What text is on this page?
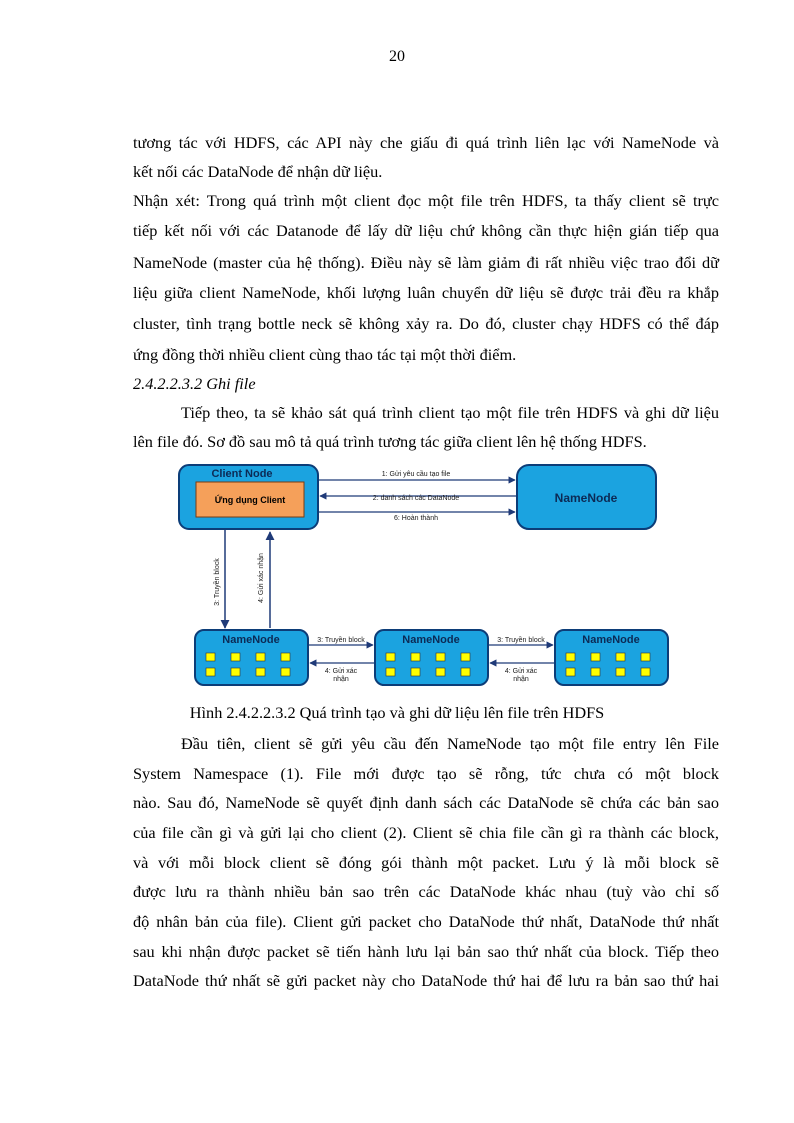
20
tương tác với HDFS, các API này che giấu đi quá trình liên lạc với NameNode và
kết nối các DataNode để nhận dữ liệu.
Nhận xét: Trong quá trình một client đọc một file trên HDFS, ta thấy client sẽ trực
tiếp kết nối với các Datanode để lấy dữ liệu chứ không cần thực hiện gián tiếp qua
NameNode (master của hệ thống). Điều này sẽ làm giảm đi rất nhiều việc trao đổi dữ
liệu giữa client NameNode, khối lượng luân chuyển dữ liệu sẽ được trải đều ra khắp
cluster, tình trạng bottle neck sẽ không xảy ra. Do đó, cluster chạy HDFS có thể đáp
ứng đồng thời nhiều client cùng thao tác tại một thời điểm.
2.4.2.2.3.2 Ghi file
Tiếp theo, ta sẽ khảo sát quá trình client tạo một file trên HDFS và ghi dữ liệu
lên file đó. Sơ đồ sau mô tả quá trình tương tác giữa client lên hệ thống HDFS.
Client Node
Ứng dụng Client	NameNode
1: Gửi yêu cầu tạo file
2: danh sách các DataNode
6: Hoàn thành
3: Truyền block	4: Gửi xác nhận
NameNode	NameNode	NameNode
3: Truyền block
4: Gửi xác
nhận
3: Truyền block
4: Gửi xác
nhận
Hình 2.4.2.2.3.2 Quá trình tạo và ghi dữ liệu lên file trên HDFS
Đầu tiên, client sẽ gửi yêu cầu đến NameNode tạo một file entry lên File
System Namespace (1). File mới được tạo sẽ rỗng, tức chưa có một block
nào. Sau đó, NameNode sẽ quyết định danh sách các DataNode sẽ chứa các bản sao
của file cần gì và gửi lại cho client (2). Client sẽ chia file cần gì ra thành các block,
và với mỗi block client sẽ đóng gói thành một packet. Lưu ý là mỗi block sẽ
được lưu ra thành nhiều bản sao trên các DataNode khác nhau (tuỳ vào chỉ số
độ nhân bản của file). Client gửi packet cho DataNode thứ nhất, DataNode thứ nhất
sau khi nhận được packet sẽ tiến hành lưu lại bản sao thứ nhất của block. Tiếp theo
DataNode thứ nhất sẽ gửi packet này cho DataNode thứ hai để lưu ra bản sao thứ hai
